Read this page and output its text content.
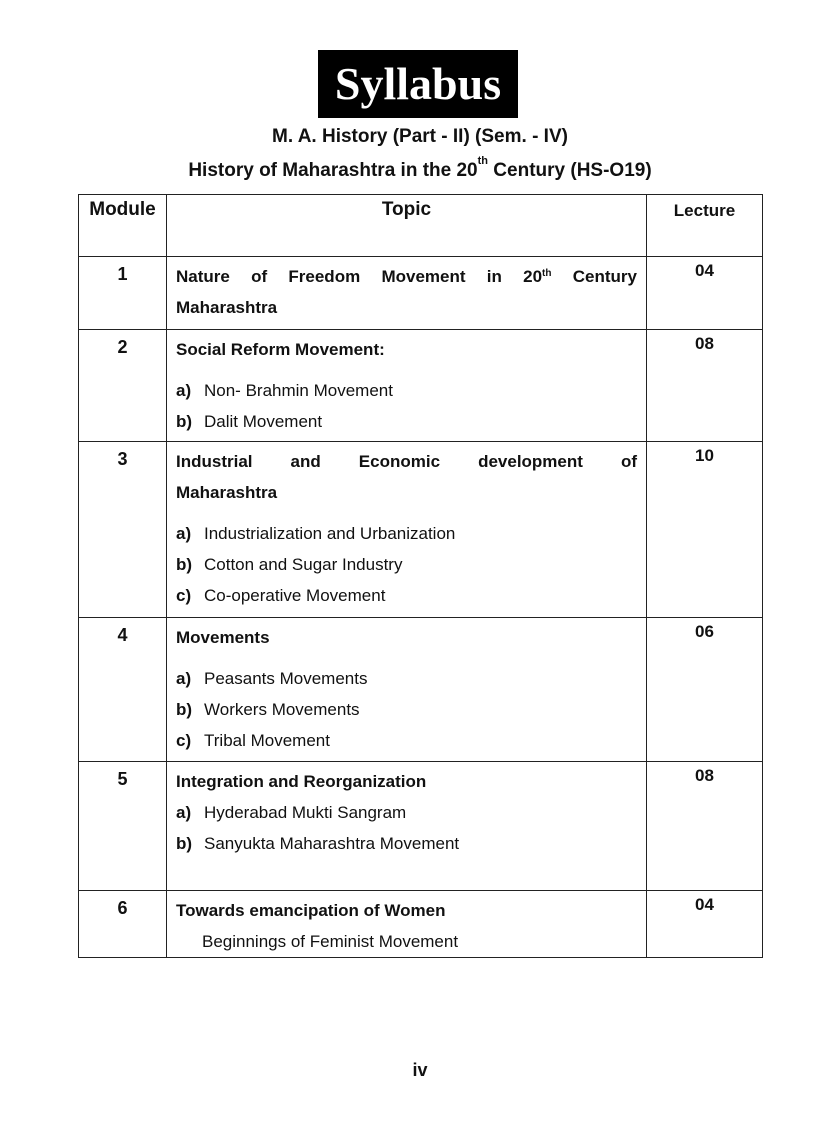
Syllabus
M. A. History (Part - II) (Sem. - IV)
History of Maharashtra in the 20th Century (HS-O19)
Module	Topic	Lecture
1	Nature of Freedom Movement in 20th Century
Maharashtra	04
2	Social Reform Movement:
a) Non- Brahmin Movement
b) Dalit Movement	08
3	Industrial and Economic development of
Maharashtra
a) Industrialization and Urbanization
b) Cotton and Sugar Industry
c) Co-operative Movement	10
4	Movements
a) Peasants Movements
b) Workers Movements
c) Tribal Movement	06
5	Integration and Reorganization
a) Hyderabad Mukti Sangram
b) Sanyukta Maharashtra Movement	08
6	Towards emancipation of Women
Beginnings of Feminist Movement	04
iv
